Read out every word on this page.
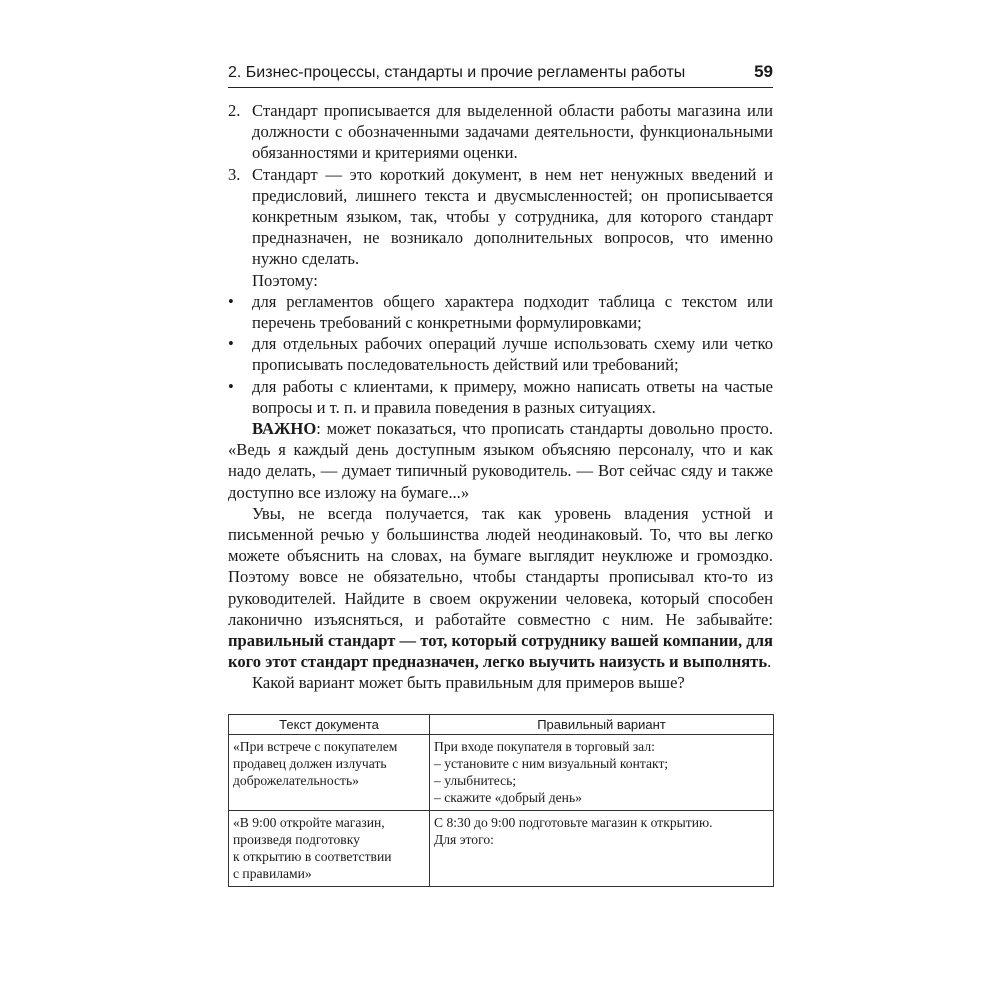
2. Бизнес-процессы, стандарты и прочие регламенты работы	59
2. Стандарт прописывается для выделенной области работы магазина или должности с обозначенными задачами деятельности, функциональными обязанностями и критериями оценки.
3. Стандарт — это короткий документ, в нем нет ненужных введений и предисловий, лишнего текста и двусмысленностей; он прописывается конкретным языком, так, чтобы у сотрудника, для которого стандарт предназначен, не возникало дополнительных вопросов, что именно нужно сделать.

Поэтому:

•	для регламентов общего характера подходит таблица с текстом или перечень требований с конкретными формулировками;
•	для отдельных рабочих операций лучше использовать схему или четко прописывать последовательность действий или требований;
•	для работы с клиентами, к примеру, можно написать ответы на частые вопросы и т. п. и правила поведения в разных ситуациях.

ВАЖНО: может показаться, что прописать стандарты довольно просто. «Ведь я каждый день доступным языком объясняю персоналу, что и как надо делать, — думает типичный руководитель. — Вот сейчас сяду и также доступно все изложу на бумаге...»

Увы, не всегда получается, так как уровень владения устной и письменной речью у большинства людей неодинаковый. То, что вы легко можете объяснить на словах, на бумаге выглядит неуклюже и громоздко. Поэтому вовсе не обязательно, чтобы стандарты прописывал кто-то из руководителей. Найдите в своем окружении человека, который способен лаконично изъясняться, и работайте совместно с ним. Не забывайте: правильный стандарт — тот, который сотруднику вашей компании, для кого этот стандарт предназначен, легко выучить наизусть и выполнять.

Какой вариант может быть правильным для примеров выше?

Текст документа	Правильный вариант

«При встрече с покупателем
продавец должен излучать
доброжелательность»	При входе покупателя в торговый зал:
– установите с ним визуальный контакт;
– улыбнитесь;
– скажите «добрый день»

«В 9:00 откройте магазин,
произведя подготовку
к открытию в соответствии
с правилами»	С 8:30 до 9:00 подготовьте магазин к открытию.
Для этого:
